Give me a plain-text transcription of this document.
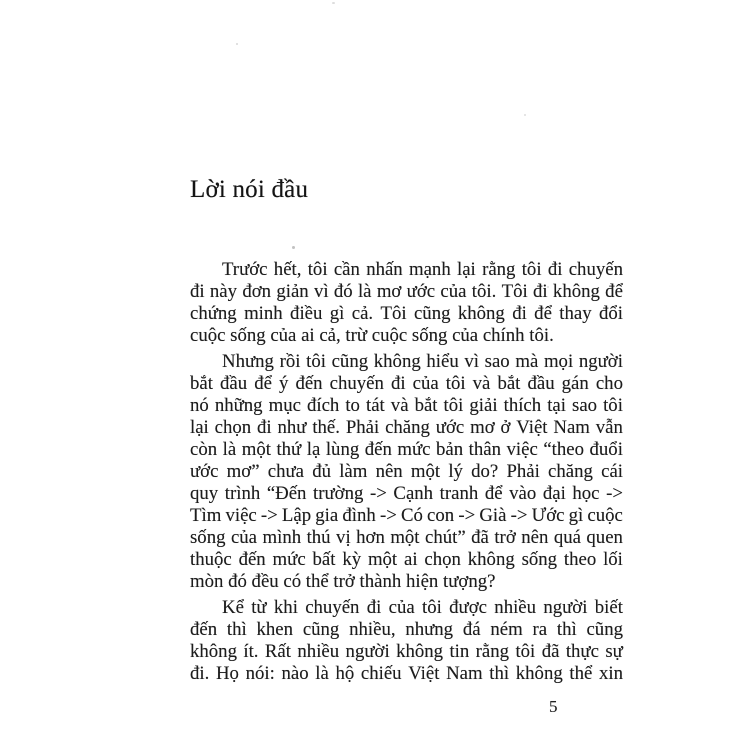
Lời nói đầu
Trước hết, tôi cần nhấn mạnh lại rằng tôi đi chuyến
đi này đơn giản vì đó là mơ ước của tôi. Tôi đi không để
chứng minh điều gì cả. Tôi cũng không đi để thay đổi
cuộc sống của ai cả, trừ cuộc sống của chính tôi.
Nhưng rồi tôi cũng không hiểu vì sao mà mọi người
bắt đầu để ý đến chuyến đi của tôi và bắt đầu gán cho
nó những mục đích to tát và bắt tôi giải thích tại sao tôi
lại chọn đi như thế. Phải chăng ước mơ ở Việt Nam vẫn
còn là một thứ lạ lùng đến mức bản thân việc “theo đuổi
ước mơ” chưa đủ làm nên một lý do? Phải chăng cái
quy trình “Đến trường -> Cạnh tranh để vào đại học ->
Tìm việc -> Lập gia đình -> Có con -> Già -> Ước gì cuộc
sống của mình thú vị hơn một chút” đã trở nên quá quen
thuộc đến mức bất kỳ một ai chọn không sống theo lối
mòn đó đều có thể trở thành hiện tượng?
Kể từ khi chuyến đi của tôi được nhiều người biết
đến thì khen cũng nhiều, nhưng đá ném ra thì cũng
không ít. Rất nhiều người không tin rằng tôi đã thực sự
đi. Họ nói: nào là hộ chiếu Việt Nam thì không thể xin
5
